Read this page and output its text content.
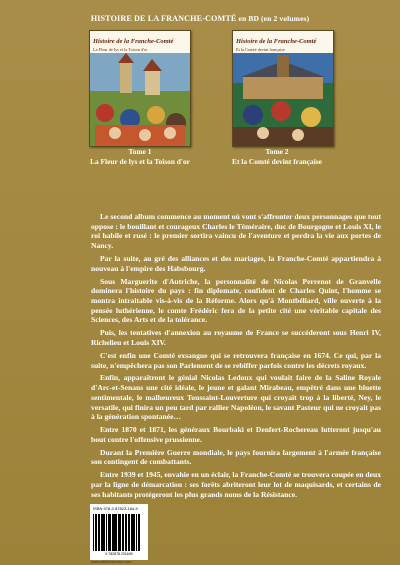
HISTOIRE DE LA FRANCHE-COMTÉ en BD (en 2 volumes)
Histoire de la Franche-Comté
La Fleur de lys et la Toison d'or
Histoire de la Franche-Comté
Et la Comté devint française
Tome 1
La Fleur de lys et la Toison d'or
Tome 2
Et la Comté devint française

Le second album commence au moment où vont s'affronter deux personnages que tout oppose : le bouillant et courageux Charles le Téméraire, duc de Bourgogne et Louis XI, le roi habile et rusé : le premier sortira vaincu de l'aventure et perdra la vie aux portes de Nancy.

Par la suite, au gré des alliances et des mariages, la Franche-Comté appartiendra à nouveau à l'empire des Habsbourg.

Sous Marguerite d'Autriche, la personnalité de Nicolas Perrenot de Granvelle dominera l'histoire du pays : fin diplomate, confident de Charles Quint, l'homme se montra intraitable vis-à-vis de la Réforme. Alors qu'à Montbéliard, ville ouverte à la pensée luthérienne, le comte Frédéric fera de la petite cité une véritable capitale des Sciences, des Arts et de la tolérance.

Puis, les tentatives d'annexion au royaume de France se succéderont sous Henri IV, Richelieu et Louis XIV.

C'est enfin une Comté exsangue qui se retrouvera française en 1674. Ce qui, par la suite, n'empêchera pas son Parlement de se rebiffer parfois contre les décrets royaux.

Enfin, apparaîtront le génial Nicolas Ledoux qui voulait faire de la Saline Royale d'Arc-et-Senans une cité idéale, le jeune et galant Mirabeau, empêtré dans une bluette sentimentale, le malheureux Toussaint-Louverture qui croyait trop à la liberté, Ney, le versatile, qui finira un peu tard par rallier Napoléon, le savant Pasteur qui ne croyait pas à la génération spontanée…

Entre 1870 et 1871, les généraux Bourbaki et Denfert-Rochereau lutteront jusqu'au bout contre l'offensive prussienne.

Durant la Première Guerre mondiale, le pays fournira largement à l'armée française son contingent de combattants.

Entre 1939 et 1945, envahie en un éclair, la Franche-Comté se trouvera coupée en deux par la ligne de démarcation : ses forêts abriteront leur lot de maquisards, et certains de ses habitants protégeront les plus grands noms de la Résistance.

ISBN 978-2-87823-164-9
9 782878 231649
www.editionscoxter.com
